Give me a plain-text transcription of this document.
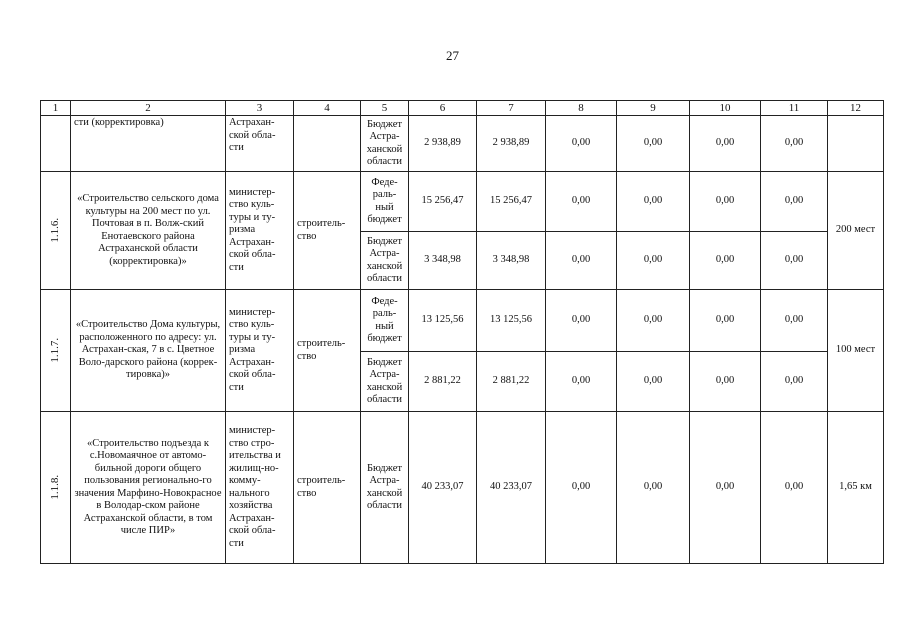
27
1	2	3	4	5	6	7	8	9	10	11	12
	сти (корректировка)	Астрахан-ской обла-сти		Бюджет Астра-ханской области	2 938,89	2 938,89	0,00	0,00	0,00	0,00	
1.1.6.	«Строительство сельского дома культуры на 200 мест по ул. Почтовая в п. Волж-ский Енотаевского района Астраханской области (корректировка)»	министер-ство куль-туры и ту-ризма Астрахан-ской обла-сти	строитель-ство	Феде-раль-ный бюджет	15 256,47	15 256,47	0,00	0,00	0,00	0,00	200 мест
				Бюджет Астра-ханской области	3 348,98	3 348,98	0,00	0,00	0,00	0,00	
1.1.7.	«Строительство Дома культуры, расположенного по адресу: ул. Астрахан-ская, 7 в с. Цветное Воло-дарского района (коррек-тировка)»	министер-ство куль-туры и ту-ризма Астрахан-ской обла-сти	строитель-ство	Феде-раль-ный бюджет	13 125,56	13 125,56	0,00	0,00	0,00	0,00	100 мест
				Бюджет Астра-ханской области	2 881,22	2 881,22	0,00	0,00	0,00	0,00	
1.1.8.	«Строительство подъезда к с.Новомаячное от автомо-бильной дороги общего пользования регионально-го значения Марфино-Новокрасное в Володар-ском районе Астраханской области, в том числе ПИР»	министер-ство стро-ительства и жилищ-но-комму-нального хозяйства Астрахан-ской обла-сти	строитель-ство	Бюджет Астра-ханской области	40 233,07	40 233,07	0,00	0,00	0,00	0,00	1,65 км
